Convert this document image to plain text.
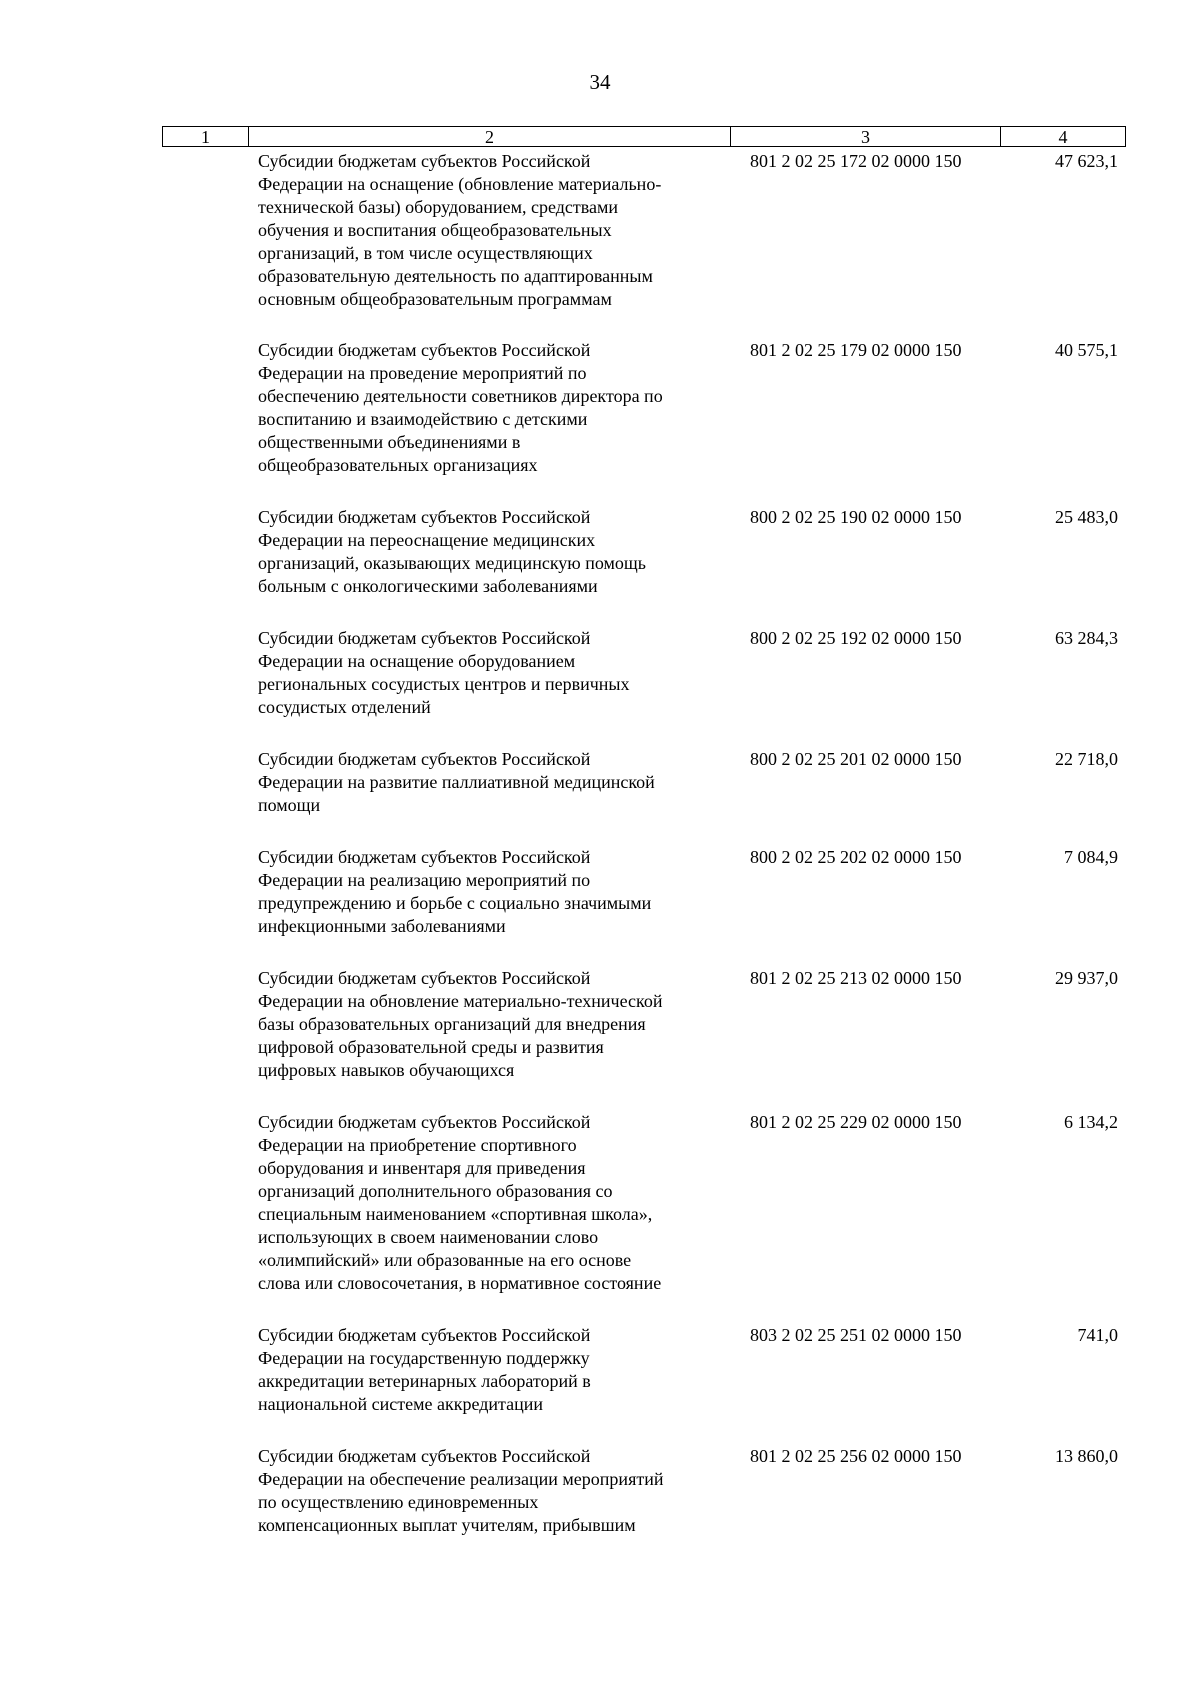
34
1	2	3	4
Субсидии бюджетам субъектов Российской
Федерации на оснащение (обновление материально-
технической базы) оборудованием, средствами
обучения и воспитания общеобразовательных
организаций, в том числе осуществляющих
образовательную деятельность по адаптированным
основным общеобразовательным программам
801 2 02 25 172 02 0000 150	47 623,1
Субсидии бюджетам субъектов Российской
Федерации на проведение мероприятий по
обеспечению деятельности советников директора по
воспитанию и взаимодействию с детскими
общественными объединениями в
общеобразовательных организациях
801 2 02 25 179 02 0000 150	40 575,1
Субсидии бюджетам субъектов Российской
Федерации на переоснащение медицинских
организаций, оказывающих медицинскую помощь
больным с онкологическими заболеваниями
800 2 02 25 190 02 0000 150	25 483,0
Субсидии бюджетам субъектов Российской
Федерации на оснащение оборудованием
региональных сосудистых центров и первичных
сосудистых отделений
800 2 02 25 192 02 0000 150	63 284,3
Субсидии бюджетам субъектов Российской
Федерации на развитие паллиативной медицинской
помощи
800 2 02 25 201 02 0000 150	22 718,0
Субсидии бюджетам субъектов Российской
Федерации на реализацию мероприятий по
предупреждению и борьбе с социально значимыми
инфекционными заболеваниями
800 2 02 25 202 02 0000 150	7 084,9
Субсидии бюджетам субъектов Российской
Федерации на обновление материально-технической
базы образовательных организаций для внедрения
цифровой образовательной среды и развития
цифровых навыков обучающихся
801 2 02 25 213 02 0000 150	29 937,0
Субсидии бюджетам субъектов Российской
Федерации на приобретение спортивного
оборудования и инвентаря для приведения
организаций дополнительного образования со
специальным наименованием «спортивная школа»,
использующих в своем наименовании слово
«олимпийский» или образованные на его основе
слова или словосочетания, в нормативное состояние
801 2 02 25 229 02 0000 150	6 134,2
Субсидии бюджетам субъектов Российской
Федерации на государственную поддержку
аккредитации ветеринарных лабораторий в
национальной системе аккредитации
803 2 02 25 251 02 0000 150	741,0
Субсидии бюджетам субъектов Российской
Федерации на обеспечение реализации мероприятий
по осуществлению единовременных
компенсационных выплат учителям, прибывшим
801 2 02 25 256 02 0000 150	13 860,0
